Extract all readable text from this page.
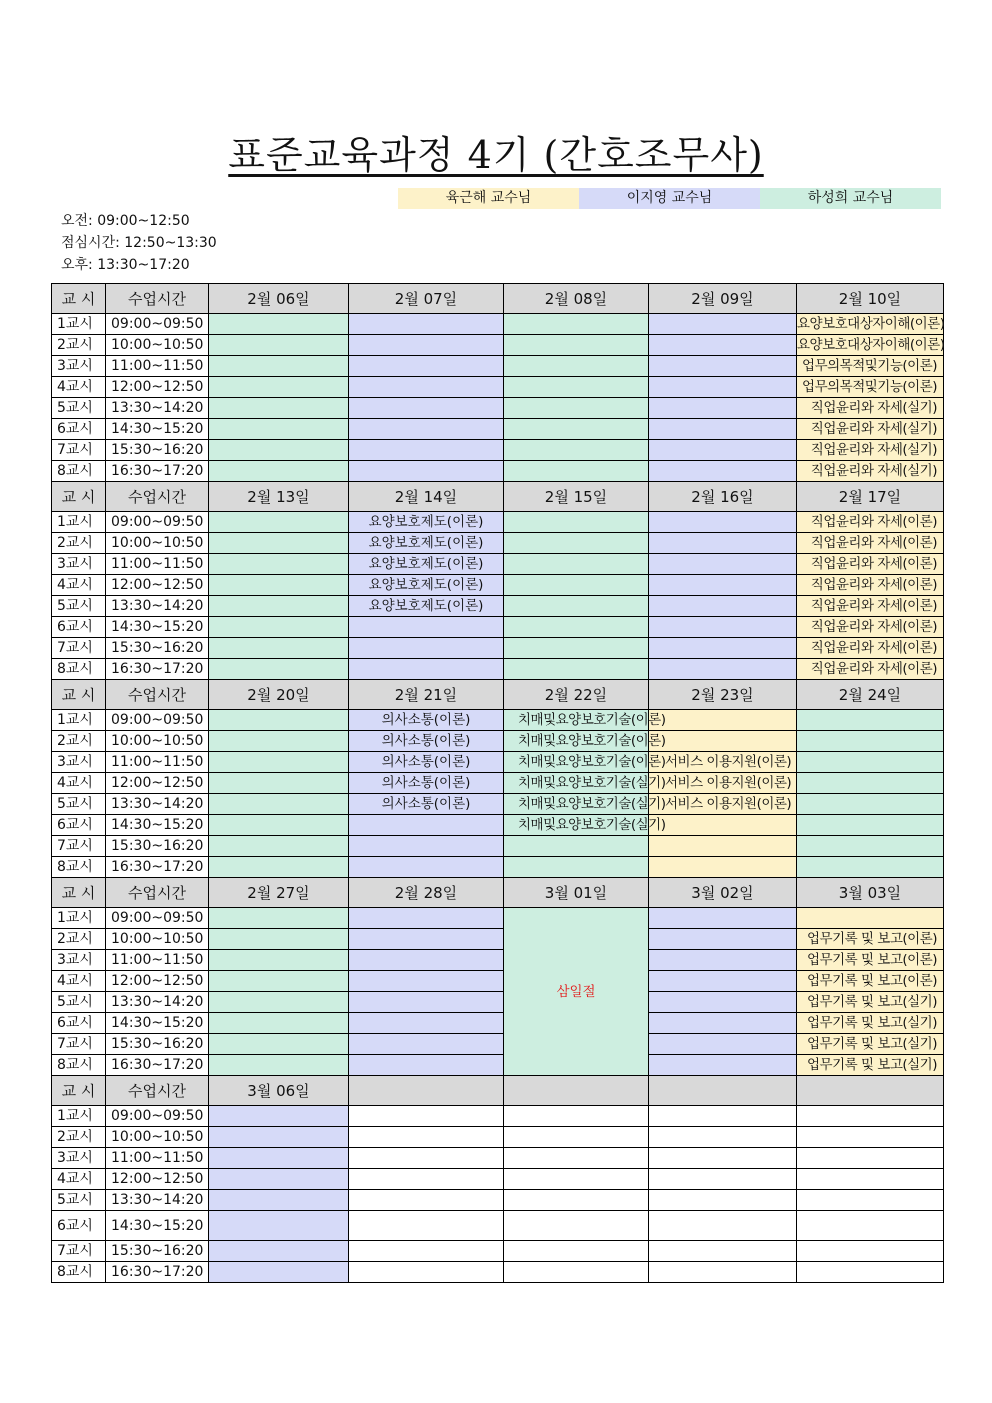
표준교육과정 4기 (간호조무사)
육근해 교수님	이지영 교수님	하성희 교수님
오전: 09:00~12:50
점심시간: 12:50~13:30
오후: 13:30~17:20
교 시	수업시간	2월 06일	2월 07일	2월 08일	2월 09일	2월 10일
1교시	09:00~09:50					요양보호대상자이해(이론)
2교시	10:00~10:50					요양보호대상자이해(이론)
3교시	11:00~11:50					업무의목적및기능(이론)
4교시	12:00~12:50					업무의목적및기능(이론)
5교시	13:30~14:20					직업윤리와 자세(실기)
6교시	14:30~15:20					직업윤리와 자세(실기)
7교시	15:30~16:20					직업윤리와 자세(실기)
8교시	16:30~17:20					직업윤리와 자세(실기)
교 시	수업시간	2월 13일	2월 14일	2월 15일	2월 16일	2월 17일
1교시	09:00~09:50		요양보호제도(이론)			직업윤리와 자세(이론)
2교시	10:00~10:50		요양보호제도(이론)			직업윤리와 자세(이론)
3교시	11:00~11:50		요양보호제도(이론)			직업윤리와 자세(이론)
4교시	12:00~12:50		요양보호제도(이론)			직업윤리와 자세(이론)
5교시	13:30~14:20		요양보호제도(이론)			직업윤리와 자세(이론)
6교시	14:30~15:20					직업윤리와 자세(이론)
7교시	15:30~16:20					직업윤리와 자세(이론)
8교시	16:30~17:20					직업윤리와 자세(이론)
교 시	수업시간	2월 20일	2월 21일	2월 22일	2월 23일	2월 24일
1교시	09:00~09:50		의사소통(이론)	치매및요양보호기술(이론)		
2교시	10:00~10:50		의사소통(이론)	치매및요양보호기술(이론)		
3교시	11:00~11:50		의사소통(이론)	치매및요양보호기술(이론)	서비스 이용지원(이론)	
4교시	12:00~12:50		의사소통(이론)	치매및요양보호기술(실기)	서비스 이용지원(이론)	
5교시	13:30~14:20		의사소통(이론)	치매및요양보호기술(실기)	서비스 이용지원(이론)	
6교시	14:30~15:20			치매및요양보호기술(실기)		
7교시	15:30~16:20					
8교시	16:30~17:20					
교 시	수업시간	2월 27일	2월 28일	3월 01일	3월 02일	3월 03일
1교시	09:00~09:50			삼일절		
2교시	10:00~10:50					업무기록 및 보고(이론)
3교시	11:00~11:50					업무기록 및 보고(이론)
4교시	12:00~12:50					업무기록 및 보고(이론)
5교시	13:30~14:20					업무기록 및 보고(실기)
6교시	14:30~15:20					업무기록 및 보고(실기)
7교시	15:30~16:20					업무기록 및 보고(실기)
8교시	16:30~17:20					업무기록 및 보고(실기)
교 시	수업시간	3월 06일				
1교시	09:00~09:50					
2교시	10:00~10:50					
3교시	11:00~11:50					
4교시	12:00~12:50					
5교시	13:30~14:20					
6교시	14:30~15:20					
7교시	15:30~16:20					
8교시	16:30~17:20					
